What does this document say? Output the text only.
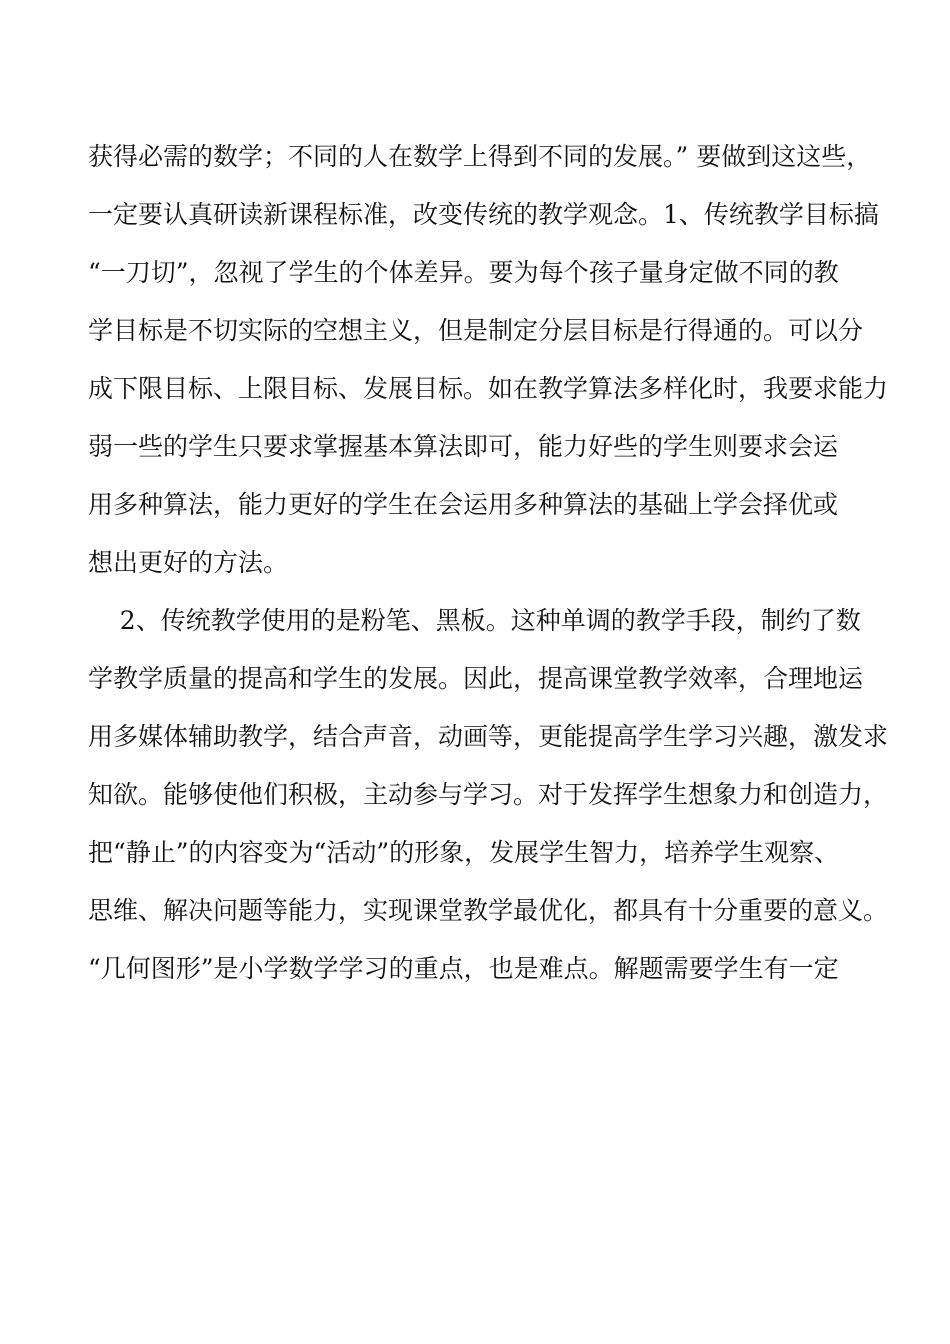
获得必需的数学；不同的人在数学上得到不同的发展。” 要做到这这些，
一定要认真研读新课程标准，改变传统的教学观念。1、传统教学目标搞
“一刀切”，忽视了学生的个体差异。要为每个孩子量身定做不同的教
学目标是不切实际的空想主义，但是制定分层目标是行得通的。可以分
成下限目标、上限目标、发展目标。如在教学算法多样化时，我要求能力
弱一些的学生只要求掌握基本算法即可，能力好些的学生则要求会运
用多种算法，能力更好的学生在会运用多种算法的基础上学会择优或
想出更好的方法。
2、传统教学使用的是粉笔、黑板。这种单调的教学手段，制约了数
学教学质量的提高和学生的发展。因此，提高课堂教学效率，合理地运
用多媒体辅助教学，结合声音，动画等，更能提高学生学习兴趣，激发求
知欲。能够使他们积极，主动参与学习。对于发挥学生想象力和创造力，
把“静止”的内容变为“活动”的形象，发展学生智力，培养学生观察、
思维、解决问题等能力，实现课堂教学最优化，都具有十分重要的意义。
“几何图形”是小学数学学习的重点，也是难点。解题需要学生有一定
